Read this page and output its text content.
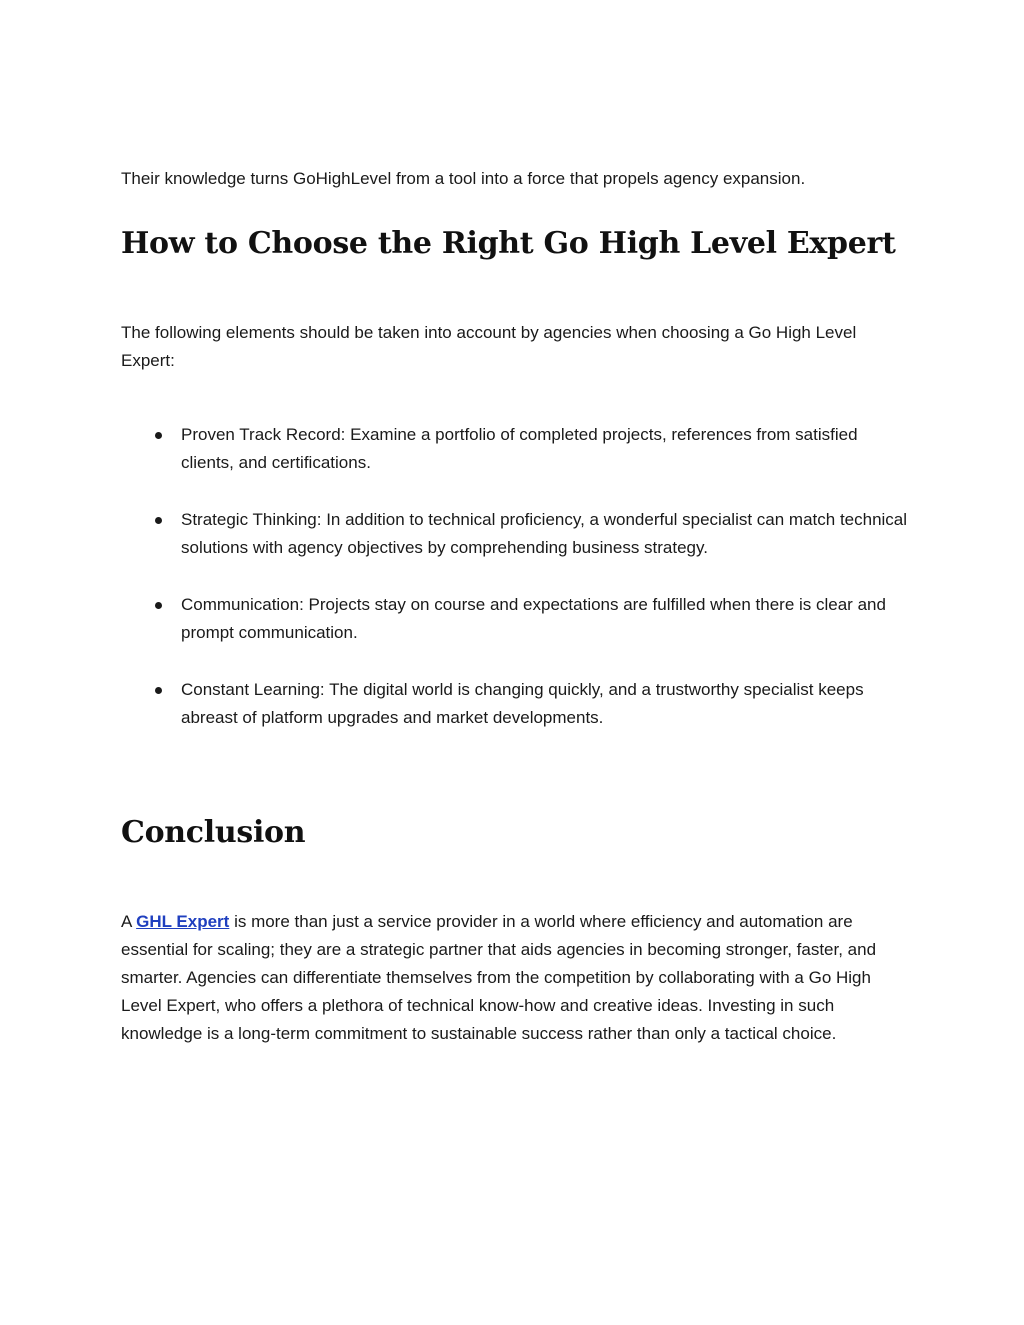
Their knowledge turns GoHighLevel from a tool into a force that propels agency expansion.

How to Choose the Right Go High Level Expert

The following elements should be taken into account by agencies when choosing a Go High Level Expert:

Proven Track Record: Examine a portfolio of completed projects, references from satisfied clients, and certifications.
Strategic Thinking: In addition to technical proficiency, a wonderful specialist can match technical solutions with agency objectives by comprehending business strategy.
Communication: Projects stay on course and expectations are fulfilled when there is clear and prompt communication.
Constant Learning: The digital world is changing quickly, and a trustworthy specialist keeps abreast of platform upgrades and market developments.
Conclusion

A GHL Expert is more than just a service provider in a world where efficiency and automation are essential for scaling; they are a strategic partner that aids agencies in becoming stronger, faster, and smarter. Agencies can differentiate themselves from the competition by collaborating with a Go High Level Expert, who offers a plethora of technical know-how and creative ideas. Investing in such knowledge is a long-term commitment to sustainable success rather than only a tactical choice.
